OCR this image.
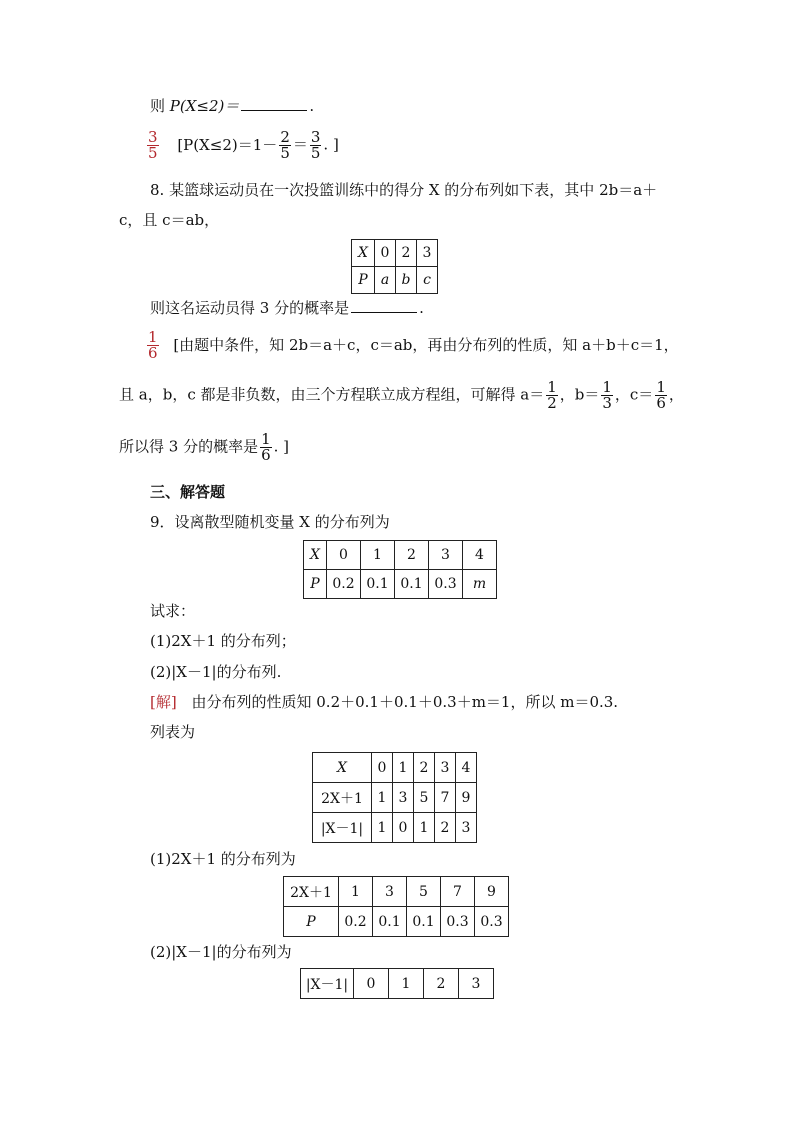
则 P(X≤2)＝	.
$\frac{3}{5} [P(X\le 2)=1- \frac{2}{5} = \frac{3}{5}$ . ]
8. 某篮球运动员在一次投篮训练中的得分 X 的分布列如下表，其中 2b＝a＋
c，且 c＝ab，
X	0	2	3
P	a	b	c
则这名运动员得 3 分的概率是	.
$\frac{1}{6}$ [由题中条件，知 2b＝a＋c，c＝ab，再由分布列的性质，知 a＋b＋c＝1，
且 a，b，c 都是非负数，由三个方程联立成方程组，可解得 $a= \frac{1}{2}$ ，$b= \frac{1}{3}$ ，$c= \frac{1}{6}$ ，
所以得 3 分的概率是 $\frac{1}{6}$ . ]
三、解答题
9．设离散型随机变量 X 的分布列为
X	0	1	2	3	4
P	0.2	0.1	0.1	0.3	m
试求：
(1)2X＋1 的分布列；
(2)|X－1|的分布列.
[解] 由分布列的性质知 0.2＋0.1＋0.1＋0.3＋m＝1，所以 m＝0.3.
列表为
X	0	1	2	3	4
2X＋1	1	3	5	7	9
|X－1|	1	0	1	2	3
(1)2X＋1 的分布列为
2X＋1	1	3	5	7	9
P	0.2	0.1	0.1	0.3	0.3
(2)|X－1|的分布列为
|X－1|	0	1	2	3
